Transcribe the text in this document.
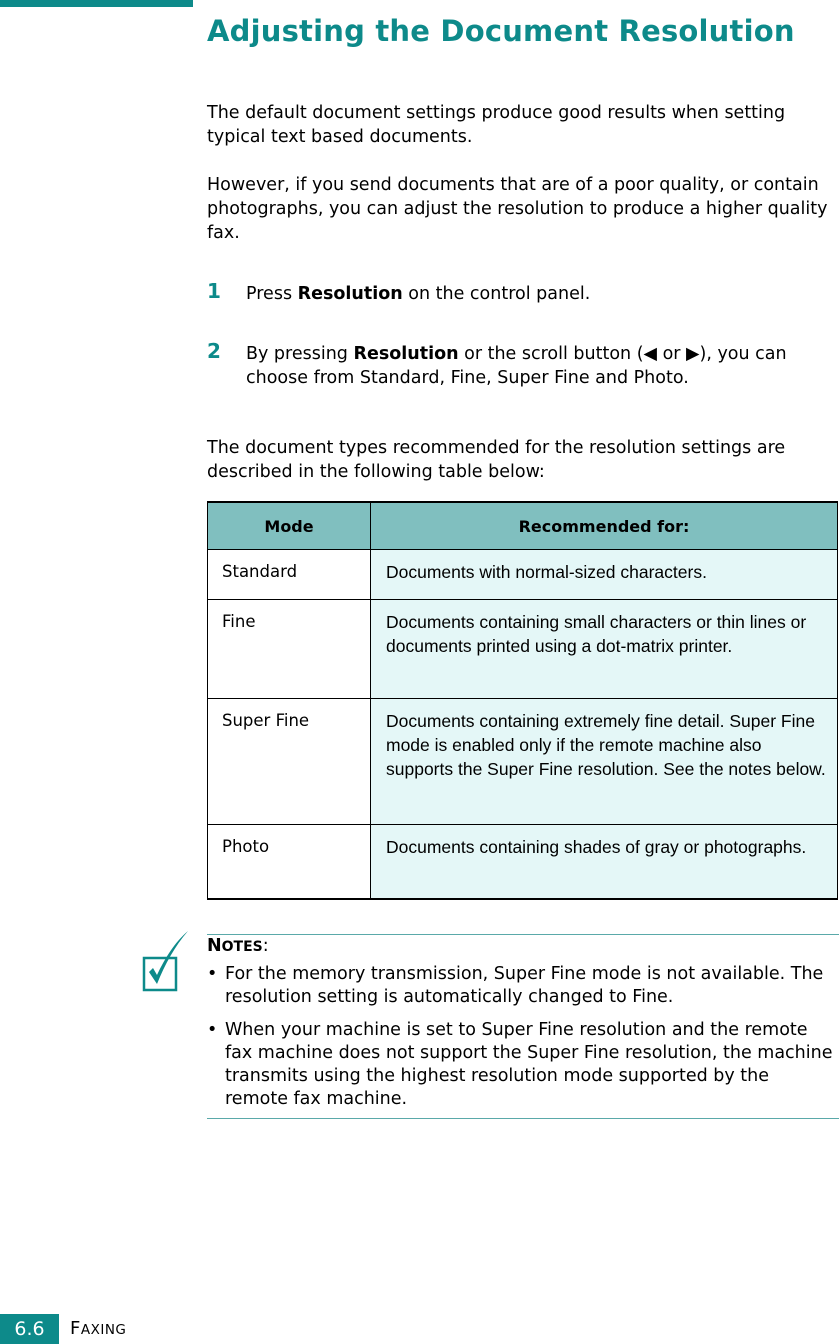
Adjusting the Document Resolution

The default document settings produce good results when setting typical text based documents.

However, if you send documents that are of a poor quality, or contain photographs, you can adjust the resolution to produce a higher quality fax.

1 Press Resolution on the control panel.

2 By pressing Resolution or the scroll button (◀ or ▶), you can choose from Standard, Fine, Super Fine and Photo.

The document types recommended for the resolution settings are described in the following table below:

Mode	Recommended for:
Standard	Documents with normal-sized characters.
Fine	Documents containing small characters or thin lines or documents printed using a dot-matrix printer.
Super Fine	Documents containing extremely fine detail. Super Fine mode is enabled only if the remote machine also supports the Super Fine resolution. See the notes below.
Photo	Documents containing shades of gray or photographs.

NOTES:

• For the memory transmission, Super Fine mode is not available. The resolution setting is automatically changed to Fine.

• When your machine is set to Super Fine resolution and the remote fax machine does not support the Super Fine resolution, the machine transmits using the highest resolution mode supported by the remote fax machine.

6.6	FAXING
